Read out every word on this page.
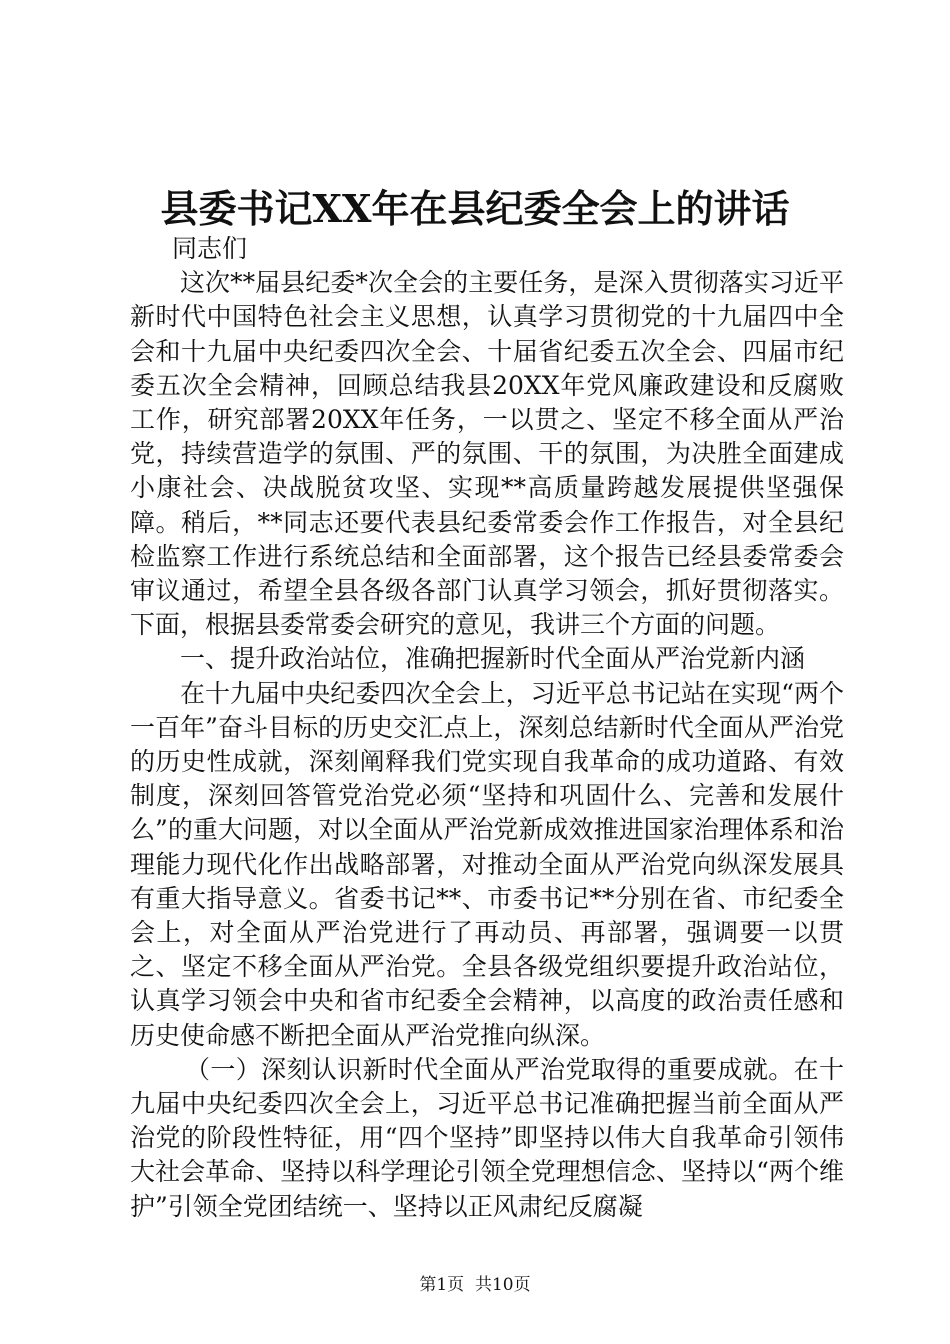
县委书记XX年在县纪委全会上的讲话

同志们

这次**届县纪委*次全会的主要任务，是深入贯彻落实习近平新时代中国特色社会主义思想，认真学习贯彻党的十九届四中全会和十九届中央纪委四次全会、十届省纪委五次全会、四届市纪委五次全会精神，回顾总结我县20XX年党风廉政建设和反腐败工作，研究部署20XX年任务，一以贯之、坚定不移全面从严治党，持续营造学的氛围、严的氛围、干的氛围，为决胜全面建成小康社会、决战脱贫攻坚、实现**高质量跨越发展提供坚强保障。稍后，**同志还要代表县纪委常委会作工作报告，对全县纪检监察工作进行系统总结和全面部署，这个报告已经县委常委会审议通过，希望全县各级各部门认真学习领会，抓好贯彻落实。下面，根据县委常委会研究的意见，我讲三个方面的问题。

一、提升政治站位，准确把握新时代全面从严治党新内涵

在十九届中央纪委四次全会上，习近平总书记站在实现“两个一百年”奋斗目标的历史交汇点上，深刻总结新时代全面从严治党的历史性成就，深刻阐释我们党实现自我革命的成功道路、有效制度，深刻回答管党治党必须“坚持和巩固什么、完善和发展什么”的重大问题，对以全面从严治党新成效推进国家治理体系和治理能力现代化作出战略部署，对推动全面从严治党向纵深发展具有重大指导意义。省委书记**、市委书记**分别在省、市纪委全会上，对全面从严治党进行了再动员、再部署，强调要一以贯之、坚定不移全面从严治党。全县各级党组织要提升政治站位，认真学习领会中央和省市纪委全会精神，以高度的政治责任感和历史使命感不断把全面从严治党推向纵深。

（一）深刻认识新时代全面从严治党取得的重要成就。在十九届中央纪委四次全会上，习近平总书记准确把握当前全面从严治党的阶段性特征，用“四个坚持”即坚持以伟大自我革命引领伟大社会革命、坚持以科学理论引领全党理想信念、坚持以“两个维护”引领全党团结统一、坚持以正风肃纪反腐凝

第1页  共10页
